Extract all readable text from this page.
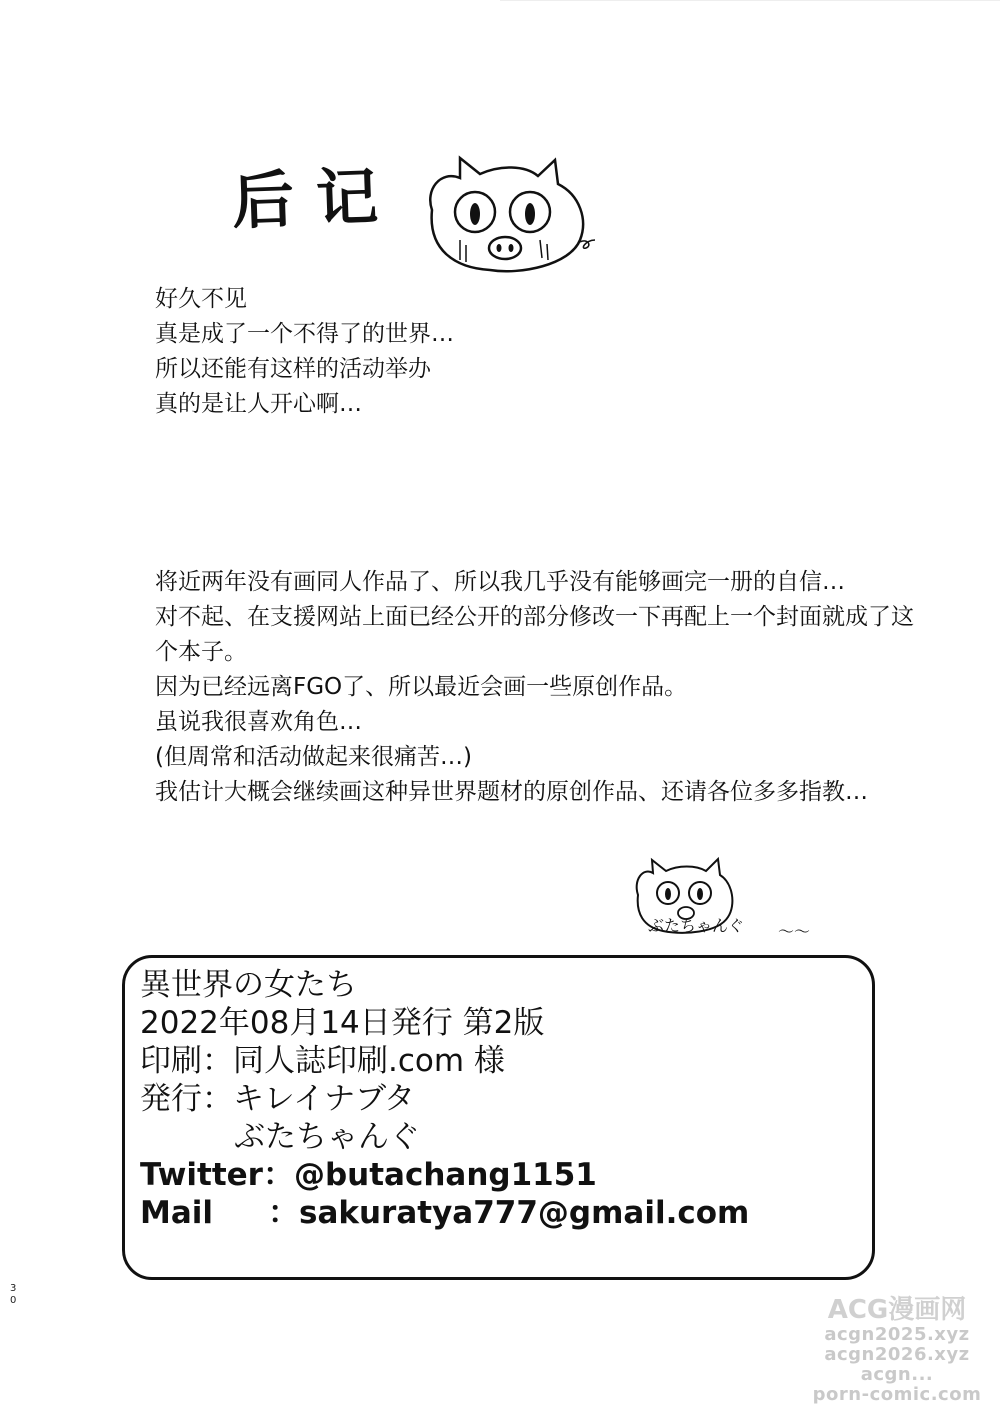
后记
好久不见
真是成了一个不得了的世界…
所以还能有这样的活动举办
真的是让人开心啊…
将近两年没有画同人作品了、所以我几乎没有能够画完一册的自信…
对不起、在支援网站上面已经公开的部分修改一下再配上一个封面就成了这
个本子。
因为已经远离FGO了、所以最近会画一些原创作品。
虽说我很喜欢角色…
(但周常和活动做起来很痛苦…)
我估计大概会继续画这种异世界题材的原创作品、还请各位多多指教…
ぶたちゃんぐ 〜〜
異世界の女たち
2022年08月14日発行 第2版
印刷：同人誌印刷.com 様
発行：キレイナブタ
ぶたちゃんぐ
Twitter：@butachang1151
Mail	：sakuratya777@gmail.com
30	ACG漫画网
acgn2025.xyz
acgn2026.xyz
acgn...
porn-comic.com
